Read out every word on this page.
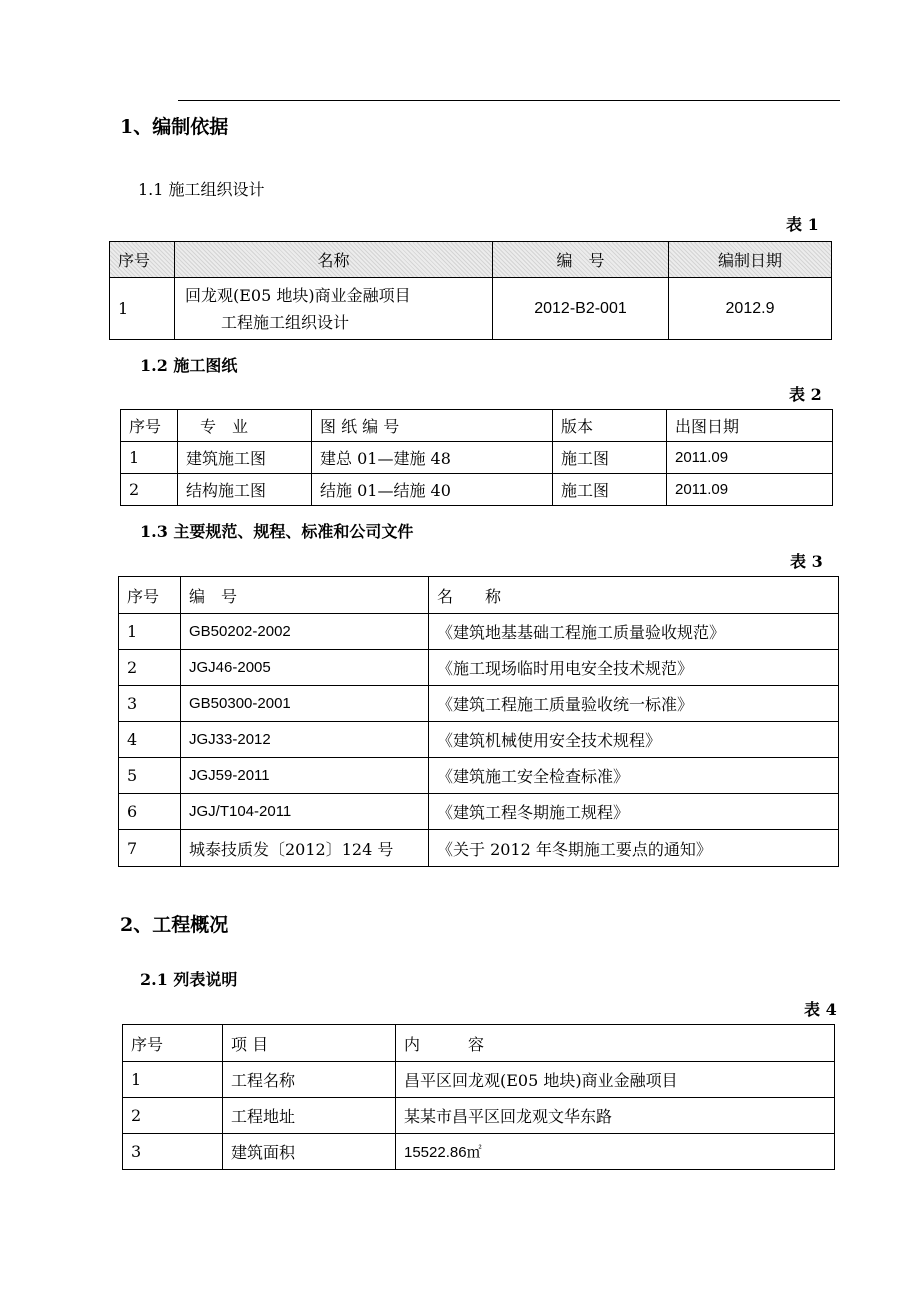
1、编制依据
1.1 施工组织设计
表 1
序号	名称	编　号	编制日期
1	回龙观(E05 地块)商业金融项目
工程施工组织设计	2012-B2-001	2012.9
1.2 施工图纸
表 2
序号	专　业	图 纸 编 号	版本	出图日期
1	建筑施工图	建总 01—建施 48	施工图	2011.09
2	结构施工图	结施 01—结施 40	施工图	2011.09
1.3 主要规范、规程、标准和公司文件
表 3
序号	编　号	名　　称
1	GB50202-2002	《建筑地基基础工程施工质量验收规范》
2	JGJ46-2005	《施工现场临时用电安全技术规范》
3	GB50300-2001	《建筑工程施工质量验收统一标准》
4	JGJ33-2012	《建筑机械使用安全技术规程》
5	JGJ59-2011	《建筑施工安全检查标准》
6	JGJ/T104-2011	《建筑工程冬期施工规程》
7	城泰技质发〔2012〕124 号	《关于 2012 年冬期施工要点的通知》
2、工程概况
2.1 列表说明
表 4
序号	项 目	内　　　容
1	工程名称	昌平区回龙观(E05 地块)商业金融项目
2	工程地址	某某市昌平区回龙观文华东路
3	建筑面积	15522.86㎡
